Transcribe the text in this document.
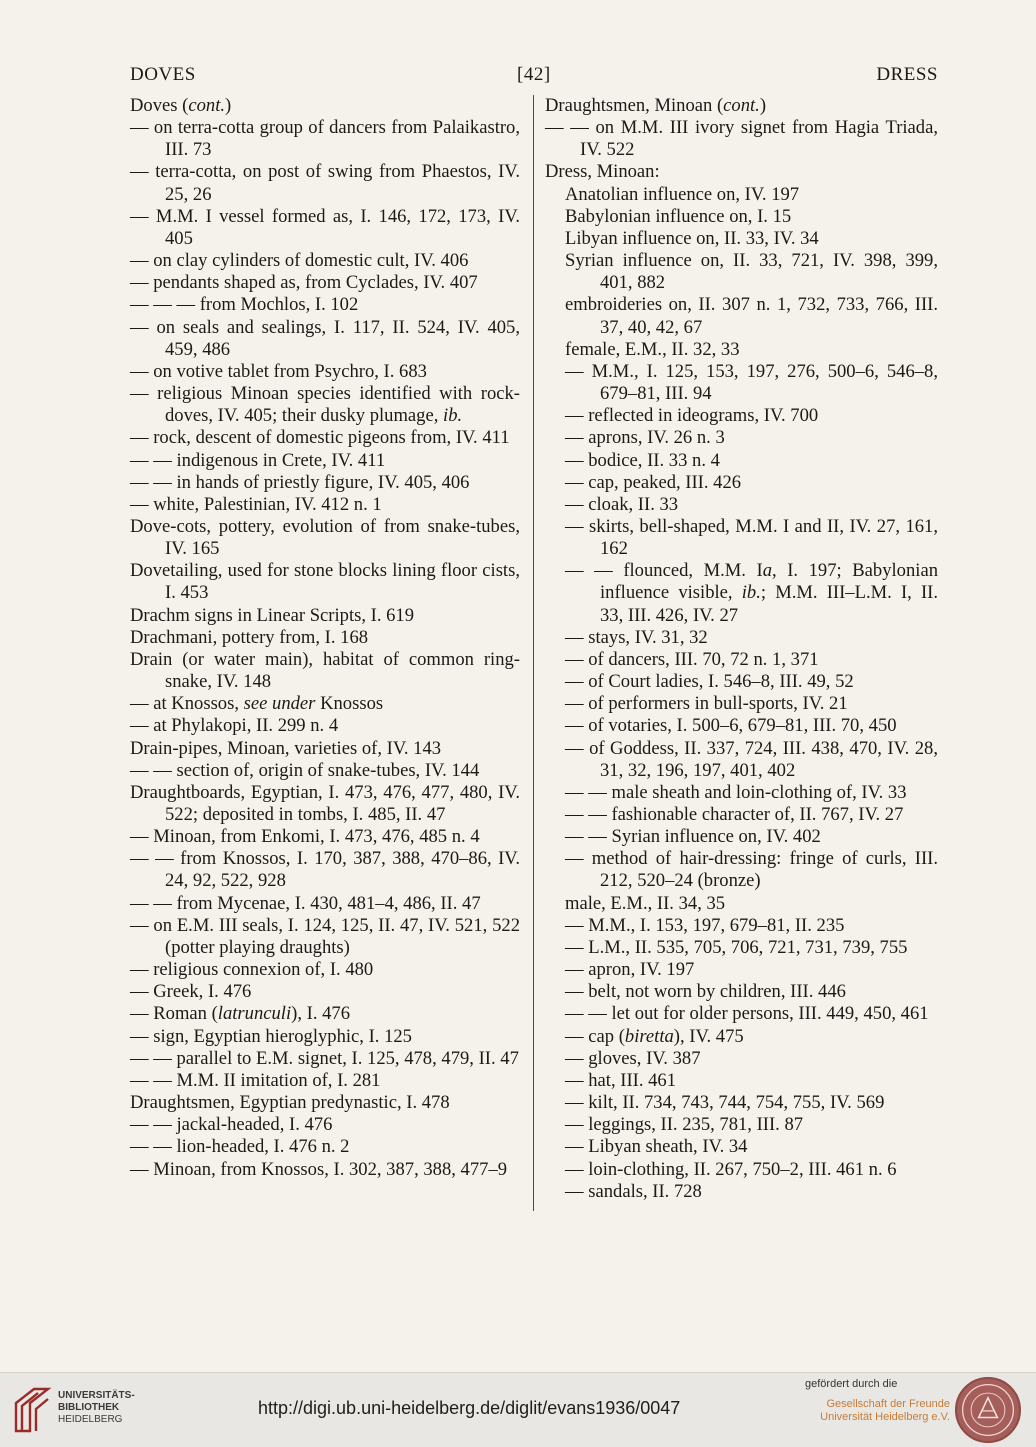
DOVES	[42]	DRESS

Doves (cont.)

— on terra-cotta group of dancers from Palaikastro, III. 73

— terra-cotta, on post of swing from Phaestos, IV. 25, 26

— M.M. I vessel formed as, I. 146, 172, 173, IV. 405

— on clay cylinders of domestic cult, IV. 406

— pendants shaped as, from Cyclades, IV. 407

— — — from Mochlos, I. 102

— on seals and sealings, I. 117, II. 524, IV. 405, 459, 486

— on votive tablet from Psychro, I. 683

— religious Minoan species identified with rock-doves, IV. 405; their dusky plumage, ib.

— rock, descent of domestic pigeons from, IV. 411

— — indigenous in Crete, IV. 411

— — in hands of priestly figure, IV. 405, 406

— white, Palestinian, IV. 412 n. 1

Dove-cots, pottery, evolution of from snake-tubes, IV. 165

Dovetailing, used for stone blocks lining floor cists, I. 453

Drachm signs in Linear Scripts, I. 619

Drachmani, pottery from, I. 168

Drain (or water main), habitat of common ring-snake, IV. 148

— at Knossos, see under Knossos

— at Phylakopi, II. 299 n. 4

Drain-pipes, Minoan, varieties of, IV. 143

— — section of, origin of snake-tubes, IV. 144

Draughtboards, Egyptian, I. 473, 476, 477, 480, IV. 522; deposited in tombs, I. 485, II. 47

— Minoan, from Enkomi, I. 473, 476, 485 n. 4

— — from Knossos, I. 170, 387, 388, 470–86, IV. 24, 92, 522, 928

— — from Mycenae, I. 430, 481–4, 486, II. 47

— on E.M. III seals, I. 124, 125, II. 47, IV. 521, 522 (potter playing draughts)

— religious connexion of, I. 480

— Greek, I. 476

— Roman (latrunculi), I. 476

— sign, Egyptian hieroglyphic, I. 125

— — parallel to E.M. signet, I. 125, 478, 479, II. 47

— — M.M. II imitation of, I. 281

Draughtsmen, Egyptian predynastic, I. 478

— — jackal-headed, I. 476

— — lion-headed, I. 476 n. 2

— Minoan, from Knossos, I. 302, 387, 388, 477–9

Draughtsmen, Minoan (cont.)

— — on M.M. III ivory signet from Hagia Triada, IV. 522

Dress, Minoan:

Anatolian influence on, IV. 197

Babylonian influence on, I. 15

Libyan influence on, II. 33, IV. 34

Syrian influence on, II. 33, 721, IV. 398, 399, 401, 882

embroideries on, II. 307 n. 1, 732, 733, 766, III. 37, 40, 42, 67

female, E.M., II. 32, 33

— M.M., I. 125, 153, 197, 276, 500–6, 546–8, 679–81, III. 94

— reflected in ideograms, IV. 700

— aprons, IV. 26 n. 3

— bodice, II. 33 n. 4

— cap, peaked, III. 426

— cloak, II. 33

— skirts, bell-shaped, M.M. I and II, IV. 27, 161, 162

— — flounced, M.M. Ia, I. 197; Babylonian influence visible, ib.; M.M. III–L.M. I, II. 33, III. 426, IV. 27

— stays, IV. 31, 32

— of dancers, III. 70, 72 n. 1, 371

— of Court ladies, I. 546–8, III. 49, 52

— of performers in bull-sports, IV. 21

— of votaries, I. 500–6, 679–81, III. 70, 450

— of Goddess, II. 337, 724, III. 438, 470, IV. 28, 31, 32, 196, 197, 401, 402

— — male sheath and loin-clothing of, IV. 33

— — fashionable character of, II. 767, IV. 27

— — Syrian influence on, IV. 402

— method of hair-dressing: fringe of curls, III. 212, 520–24 (bronze)

male, E.M., II. 34, 35

— M.M., I. 153, 197, 679–81, II. 235

— L.M., II. 535, 705, 706, 721, 731, 739, 755

— apron, IV. 197

— belt, not worn by children, III. 446

— — let out for older persons, III. 449, 450, 461

— cap (biretta), IV. 475

— gloves, IV. 387

— hat, III. 461

— kilt, II. 734, 743, 744, 754, 755, IV. 569

— leggings, II. 235, 781, III. 87

— Libyan sheath, IV. 34

— loin-clothing, II. 267, 750–2, III. 461 n. 6

— sandals, II. 728

UNIVERSITÄTS-
BIBLIOTHEK
HEIDELBERG
http://digi.ub.uni-heidelberg.de/diglit/evans1936/0047
gefördert durch die
Gesellschaft der Freunde
Universität Heidelberg e.V.
